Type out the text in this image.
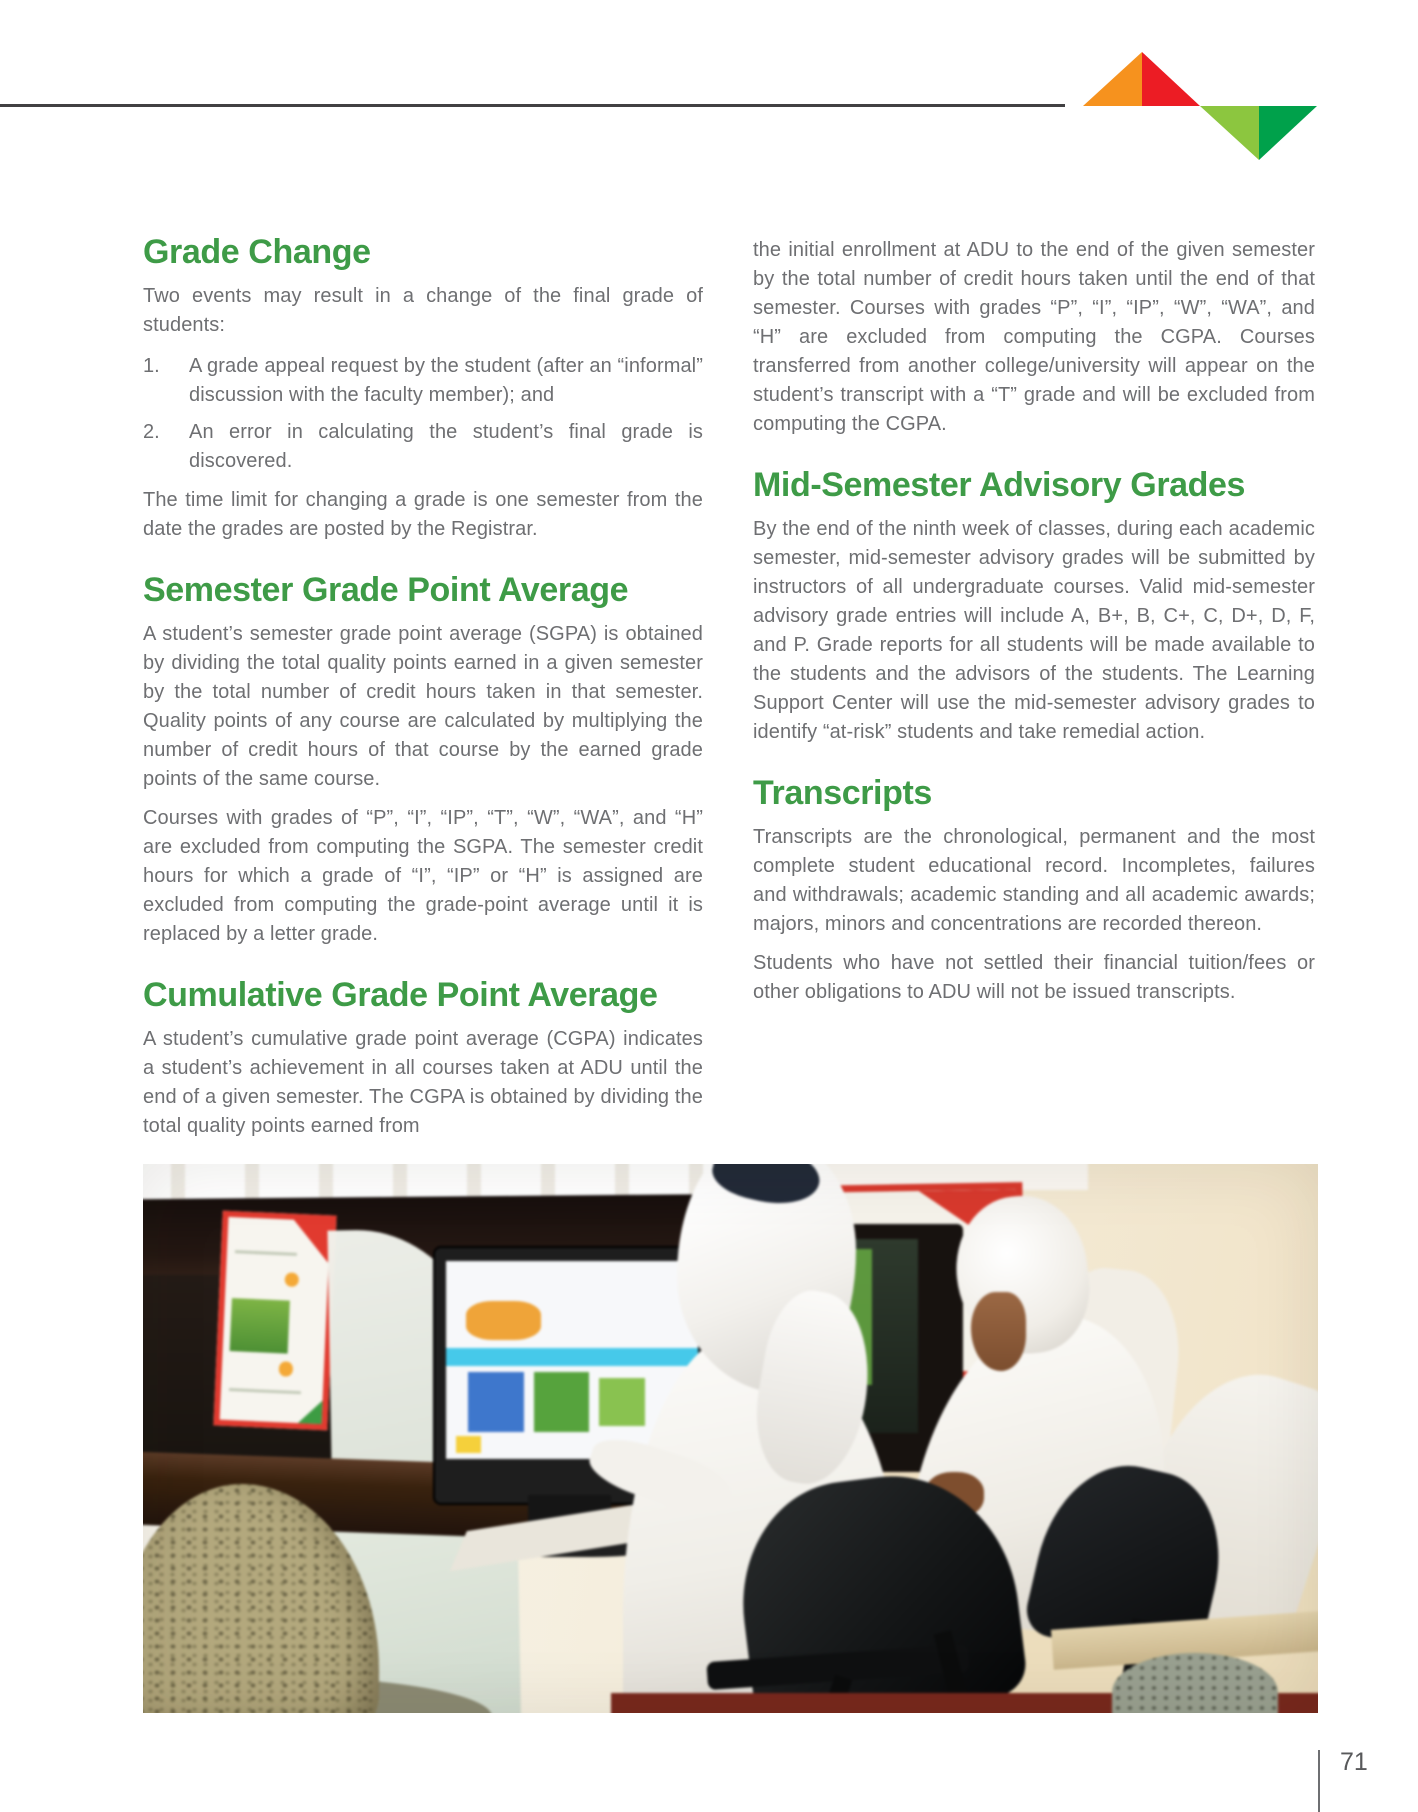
Grade Change

Two events may result in a change of the final grade of students:

1.	A grade appeal request by the student (after an “informal” discussion with the faculty member); and
2.	An error in calculating the student’s final grade is discovered.

The time limit for changing a grade is one semester from the date the grades are posted by the Registrar.

Semester Grade Point Average

A student’s semester grade point average (SGPA) is obtained by dividing the total quality points earned in a given semester by the total number of credit hours taken in that semester. Quality points of any course are calculated by multiplying the number of credit hours of that course by the earned grade points of the same course.

Courses with grades of “P”, “I”, “IP”, “T”, “W”, “WA”, and “H” are excluded from computing the SGPA. The semester credit hours for which a grade of “I”, “IP” or “H” is assigned are excluded from computing the grade-point average until it is replaced by a letter grade.

Cumulative Grade Point Average

A student’s cumulative grade point average (CGPA) indicates a student’s achievement in all courses taken at ADU until the end of a given semester. The CGPA is obtained by dividing the total quality points earned from

the initial enrollment at ADU to the end of the given semester by the total number of credit hours taken until the end of that semester. Courses with grades “P”, “I”, “IP”, “W”, “WA”, and “H” are excluded from computing the CGPA. Courses transferred from another college/university will appear on the student’s transcript with a “T” grade and will be excluded from computing the CGPA.

Mid-Semester Advisory Grades

By the end of the ninth week of classes, during each academic semester, mid-semester advisory grades will be submitted by instructors of all undergraduate courses. Valid mid-semester advisory grade entries will include A, B+, B, C+, C, D+, D, F, and P. Grade reports for all students will be made available to the students and the advisors of the students. The Learning Support Center will use the mid-semester advisory grades to identify “at-risk” students and take remedial action.

Transcripts

Transcripts are the chronological, permanent and the most complete student educational record. Incompletes, failures and withdrawals; academic standing and all academic awards; majors, minors and concentrations are recorded thereon.

Students who have not settled their financial tuition/fees or other obligations to ADU will not be issued transcripts.

71
